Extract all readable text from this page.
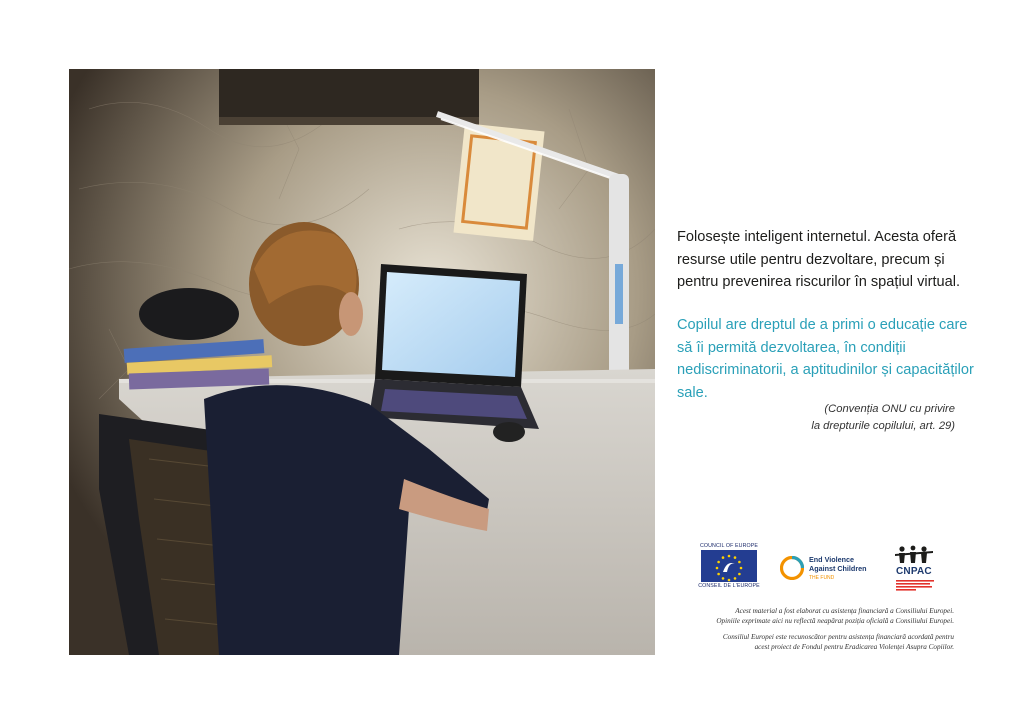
Folosește inteligent internetul. Acesta oferă resurse utile pentru dezvoltare, precum și pentru prevenirea riscurilor în spațiul virtual.
Copilul are dreptul de a primi o educație care să îi permită dezvoltarea, în condiții nediscriminatorii, a aptitudinilor și capacităților sale.
(Convenția ONU cu privire
la drepturile copilului, art. 29)
COUNCIL OF EUROPE
CONSEIL DE L'EUROPE
End Violence
Against Children
THE FUND
CNPAC

Acest material a fost elaborat cu asistența financiară a Consiliului Europei.
Opiniile exprimate aici nu reflectă neapărat poziția oficială a Consiliului Europei.

Consiliul Europei este recunoscător pentru asistența financiară acordată pentru
acest proiect de Fondul pentru Eradicarea Violenței Asupra Copiilor.
